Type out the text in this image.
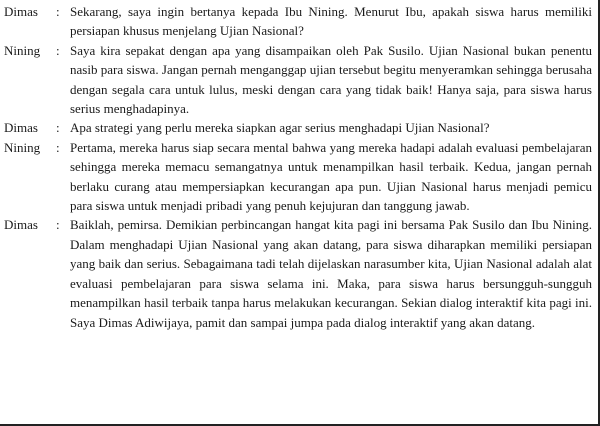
Dimas	: Sekarang, saya ingin bertanya kepada Ibu Nining. Menurut Ibu, apakah siswa harus memiliki persiapan khusus menjelang Ujian Nasional?
Nining	: Saya kira sepakat dengan apa yang disampaikan oleh Pak Susilo. Ujian Nasional bukan penentu nasib para siswa. Jangan pernah menganggap ujian tersebut begitu menyeramkan sehingga berusaha dengan segala cara untuk lulus, meski dengan cara yang tidak baik! Hanya saja, para siswa harus serius menghadapinya.
Dimas	: Apa strategi yang perlu mereka siapkan agar serius menghadapi Ujian Nasional?
Nining	: Pertama, mereka harus siap secara mental bahwa yang mereka hadapi adalah evaluasi pembelajaran sehingga mereka memacu semangatnya untuk menampilkan hasil terbaik. Kedua, jangan pernah berlaku curang atau mempersiapkan kecurangan apa pun. Ujian Nasional harus menjadi pemicu para siswa untuk menjadi pribadi yang penuh kejujuran dan tanggung jawab.
Dimas	: Baiklah, pemirsa. Demikian perbincangan hangat kita pagi ini bersama Pak Susilo dan Ibu Nining. Dalam menghadapi Ujian Nasional yang akan datang, para siswa diharapkan memiliki persiapan yang baik dan serius. Sebagaimana tadi telah dijelaskan narasumber kita, Ujian Nasional adalah alat evaluasi pembelajaran para siswa selama ini. Maka, para siswa harus bersungguh-sungguh menampilkan hasil terbaik tanpa harus melakukan kecurangan. Sekian dialog interaktif kita pagi ini. Saya Dimas Adiwijaya, pamit dan sampai jumpa pada dialog interaktif yang akan datang.
